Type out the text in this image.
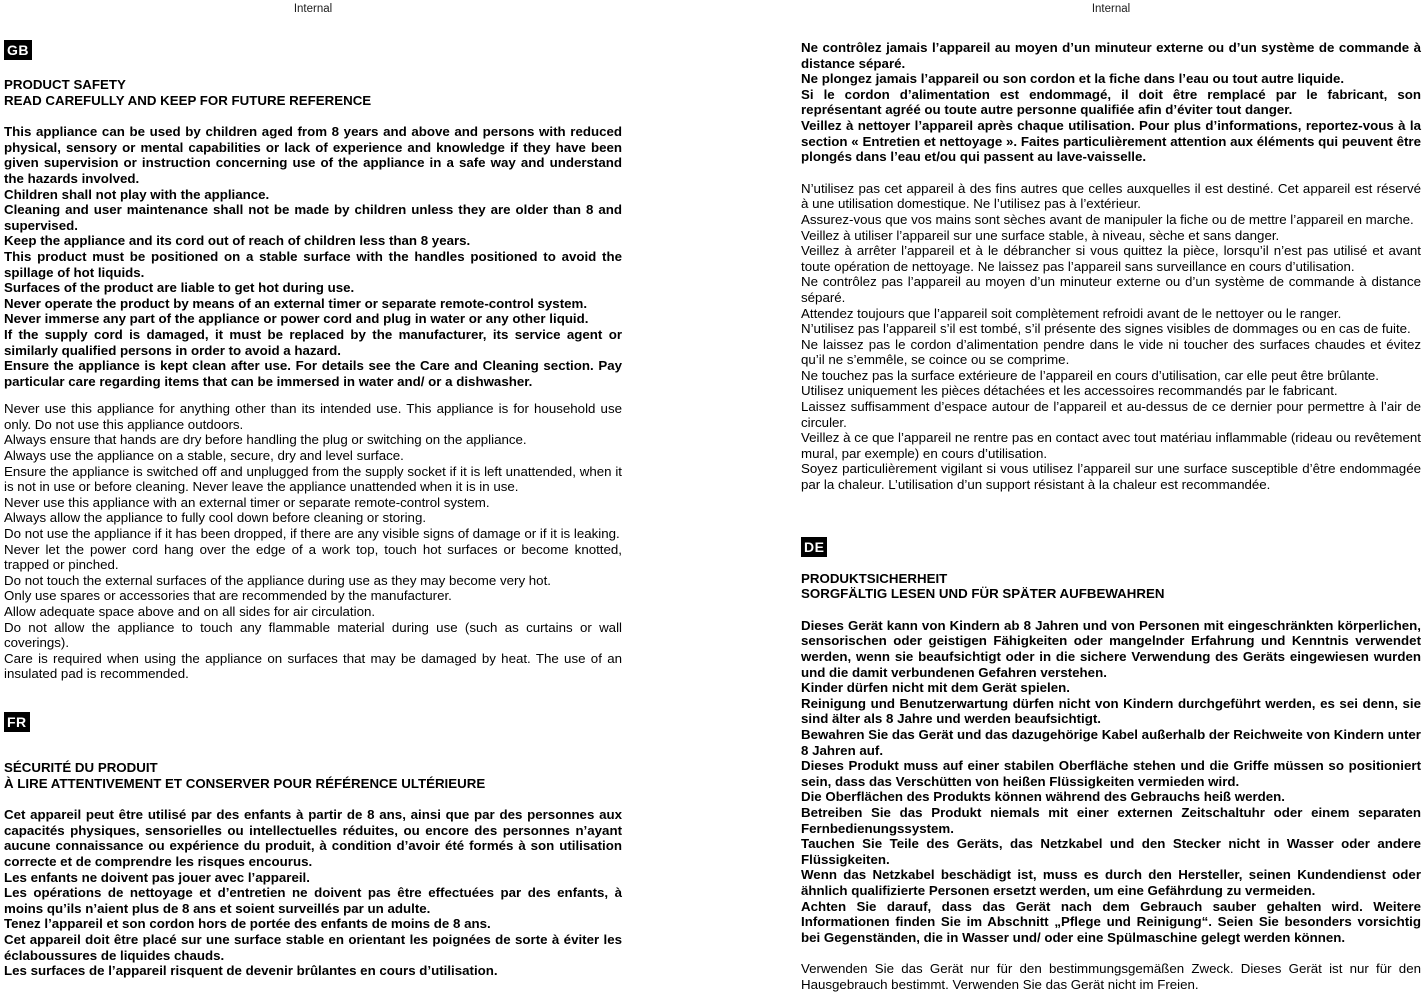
Internal
GB
PRODUCT SAFETY
READ CAREFULLY AND KEEP FOR FUTURE REFERENCE

This appliance can be used by children aged from 8 years and above and persons with reduced physical, sensory or mental capabilities or lack of experience and knowledge if they have been given supervision or instruction concerning use of the appliance in a safe way and understand the hazards involved.

Children shall not play with the appliance.

Cleaning and user maintenance shall not be made by children unless they are older than 8 and supervised.

Keep the appliance and its cord out of reach of children less than 8 years.

This product must be positioned on a stable surface with the handles positioned to avoid the spillage of hot liquids.

Surfaces of the product are liable to get hot during use.

Never operate the product by means of an external timer or separate remote-control system.

Never immerse any part of the appliance or power cord and plug in water or any other liquid.

If the supply cord is damaged, it must be replaced by the manufacturer, its service agent or similarly qualified persons in order to avoid a hazard.

Ensure the appliance is kept clean after use. For details see the Care and Cleaning section. Pay particular care regarding items that can be immersed in water and/ or a dishwasher.

Never use this appliance for anything other than its intended use. This appliance is for household use only. Do not use this appliance outdoors.

Always ensure that hands are dry before handling the plug or switching on the appliance.

Always use the appliance on a stable, secure, dry and level surface.

Ensure the appliance is switched off and unplugged from the supply socket if it is left unattended, when it is not in use or before cleaning. Never leave the appliance unattended when it is in use.

Never use this appliance with an external timer or separate remote-control system.

Always allow the appliance to fully cool down before cleaning or storing.

Do not use the appliance if it has been dropped, if there are any visible signs of damage or if it is leaking.

Never let the power cord hang over the edge of a work top, touch hot surfaces or become knotted, trapped or pinched.

Do not touch the external surfaces of the appliance during use as they may become very hot.

Only use spares or accessories that are recommended by the manufacturer.

Allow adequate space above and on all sides for air circulation.

Do not allow the appliance to touch any flammable material during use (such as curtains or wall coverings).

Care is required when using the appliance on surfaces that may be damaged by heat. The use of an insulated pad is recommended.

FR
SÉCURITÉ DU PRODUIT
À LIRE ATTENTIVEMENT ET CONSERVER POUR RÉFÉRENCE ULTÉRIEURE

Cet appareil peut être utilisé par des enfants à partir de 8 ans, ainsi que par des personnes aux capacités physiques, sensorielles ou intellectuelles réduites, ou encore des personnes n’ayant aucune connaissance ou expérience du produit, à condition d’avoir été formés à son utilisation correcte et de comprendre les risques encourus.

Les enfants ne doivent pas jouer avec l’appareil.

Les opérations de nettoyage et d’entretien ne doivent pas être effectuées par des enfants, à moins qu’ils n’aient plus de 8 ans et soient surveillés par un adulte.

Tenez l’appareil et son cordon hors de portée des enfants de moins de 8 ans.

Cet appareil doit être placé sur une surface stable en orientant les poignées de sorte à éviter les éclaboussures de liquides chauds.

Les surfaces de l’appareil risquent de devenir brûlantes en cours d’utilisation.

Internal

Ne contrôlez jamais l’appareil au moyen d’un minuteur externe ou d’un système de commande à distance séparé.

Ne plongez jamais l’appareil ou son cordon et la fiche dans l’eau ou tout autre liquide.

Si le cordon d’alimentation est endommagé, il doit être remplacé par le fabricant, son représentant agréé ou toute autre personne qualifiée afin d’éviter tout danger.

Veillez à nettoyer l’appareil après chaque utilisation. Pour plus d’informations, reportez-vous à la section « Entretien et nettoyage ». Faites particulièrement attention aux éléments qui peuvent être plongés dans l’eau et/ou qui passent au lave-vaisselle.

N’utilisez pas cet appareil à des fins autres que celles auxquelles il est destiné. Cet appareil est réservé à une utilisation domestique. Ne l’utilisez pas à l’extérieur.

Assurez-vous que vos mains sont sèches avant de manipuler la fiche ou de mettre l’appareil en marche.

Veillez à utiliser l’appareil sur une surface stable, à niveau, sèche et sans danger.

Veillez à arrêter l’appareil et à le débrancher si vous quittez la pièce, lorsqu’il n’est pas utilisé et avant toute opération de nettoyage. Ne laissez pas l’appareil sans surveillance en cours d’utilisation.

Ne contrôlez pas l’appareil au moyen d’un minuteur externe ou d’un système de commande à distance séparé.

Attendez toujours que l’appareil soit complètement refroidi avant de le nettoyer ou le ranger.

N’utilisez pas l’appareil s’il est tombé, s’il présente des signes visibles de dommages ou en cas de fuite.

Ne laissez pas le cordon d’alimentation pendre dans le vide ni toucher des surfaces chaudes et évitez qu’il ne s’emmêle, se coince ou se comprime.

Ne touchez pas la surface extérieure de l’appareil en cours d’utilisation, car elle peut être brûlante.

Utilisez uniquement les pièces détachées et les accessoires recommandés par le fabricant.

Laissez suffisamment d’espace autour de l’appareil et au-dessus de ce dernier pour permettre à l’air de circuler.

Veillez à ce que l’appareil ne rentre pas en contact avec tout matériau inflammable (rideau ou revêtement mural, par exemple) en cours d’utilisation.

Soyez particulièrement vigilant si vous utilisez l’appareil sur une surface susceptible d’être endommagée par la chaleur. L’utilisation d’un support résistant à la chaleur est recommandée.

DE
PRODUKTSICHERHEIT
SORGFÄLTIG LESEN UND FÜR SPÄTER AUFBEWAHREN

Dieses Gerät kann von Kindern ab 8 Jahren und von Personen mit eingeschränkten körperlichen, sensorischen oder geistigen Fähigkeiten oder mangelnder Erfahrung und Kenntnis verwendet werden, wenn sie beaufsichtigt oder in die sichere Verwendung des Geräts eingewiesen wurden und die damit verbundenen Gefahren verstehen.

Kinder dürfen nicht mit dem Gerät spielen.

Reinigung und Benutzerwartung dürfen nicht von Kindern durchgeführt werden, es sei denn, sie sind älter als 8 Jahre und werden beaufsichtigt.

Bewahren Sie das Gerät und das dazugehörige Kabel außerhalb der Reichweite von Kindern unter 8 Jahren auf.

Dieses Produkt muss auf einer stabilen Oberfläche stehen und die Griffe müssen so positioniert sein, dass das Verschütten von heißen Flüssigkeiten vermieden wird.

Die Oberflächen des Produkts können während des Gebrauchs heiß werden.

Betreiben Sie das Produkt niemals mit einer externen Zeitschaltuhr oder einem separaten Fernbedienungssystem.

Tauchen Sie Teile des Geräts, das Netzkabel und den Stecker nicht in Wasser oder andere Flüssigkeiten.

Wenn das Netzkabel beschädigt ist, muss es durch den Hersteller, seinen Kundendienst oder ähnlich qualifizierte Personen ersetzt werden, um eine Gefährdung zu vermeiden.

Achten Sie darauf, dass das Gerät nach dem Gebrauch sauber gehalten wird. Weitere Informationen finden Sie im Abschnitt „Pflege und Reinigung“. Seien Sie besonders vorsichtig bei Gegenständen, die in Wasser und/ oder eine Spülmaschine gelegt werden können.

Verwenden Sie das Gerät nur für den bestimmungsgemäßen Zweck. Dieses Gerät ist nur für den Hausgebrauch bestimmt. Verwenden Sie das Gerät nicht im Freien.
